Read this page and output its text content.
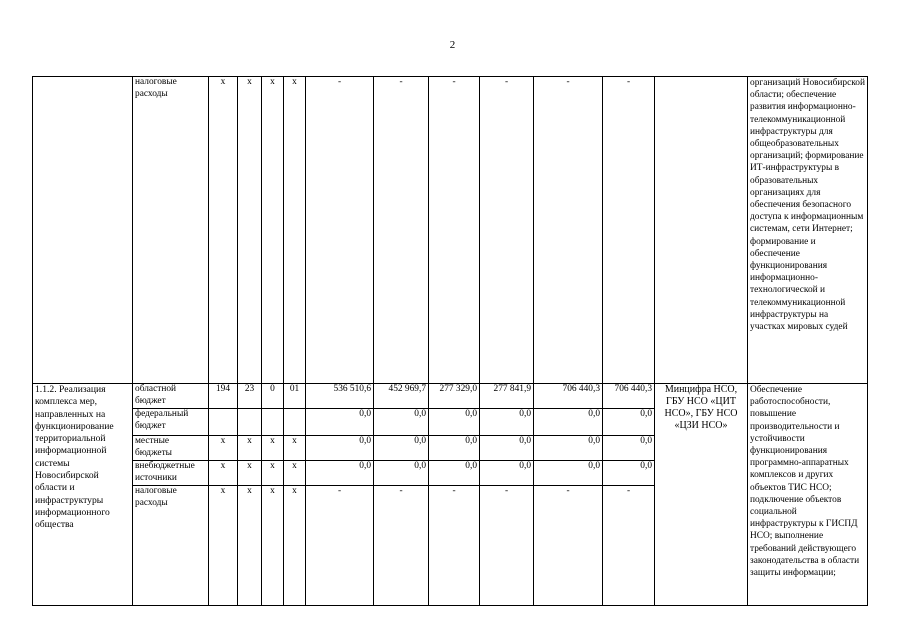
2
	налоговые расходы	х	х	х	х	-	-	-	-	-	-		организаций Новосибирской области; обеспечение развития информационно-телекоммуникационной инфраструктуры для общеобразовательных организаций; формирование ИТ-инфраструктуры в образовательных организациях для обеспечения безопасного доступа к информационным системам, сети Интернет; формирование и обеспечение функционирования информационно-технологической и телекоммуникационной инфраструктуры на участках мировых судей
1.1.2. Реализация комплекса мер, направленных на функционирование территориальной информационной системы Новосибирской области и инфраструктуры информационного общества	областной бюджет	194	23	0	01	536 510,6	452 969,7	277 329,0	277 841,9	706 440,3	706 440,3	Минцифра НСО, ГБУ НСО «ЦИТ НСО», ГБУ НСО «ЦЗИ НСО»	Обеспечение работоспособности, повышение производительности и устойчивости функционирования программно-аппаратных комплексов и других объектов ТИС НСО; подключение объектов социальной инфраструктуры к ГИСПД НСО; выполнение требований действующего законодательства в области защиты информации;
	федеральный бюджет					0,0	0,0	0,0	0,0	0,0	0,0		
	местные бюджеты	х	х	х	х	0,0	0,0	0,0	0,0	0,0	0,0		
	внебюджетные источники	х	х	х	х	0,0	0,0	0,0	0,0	0,0	0,0		
	налоговые расходы	х	х	х	х	-	-	-	-	-	-		
